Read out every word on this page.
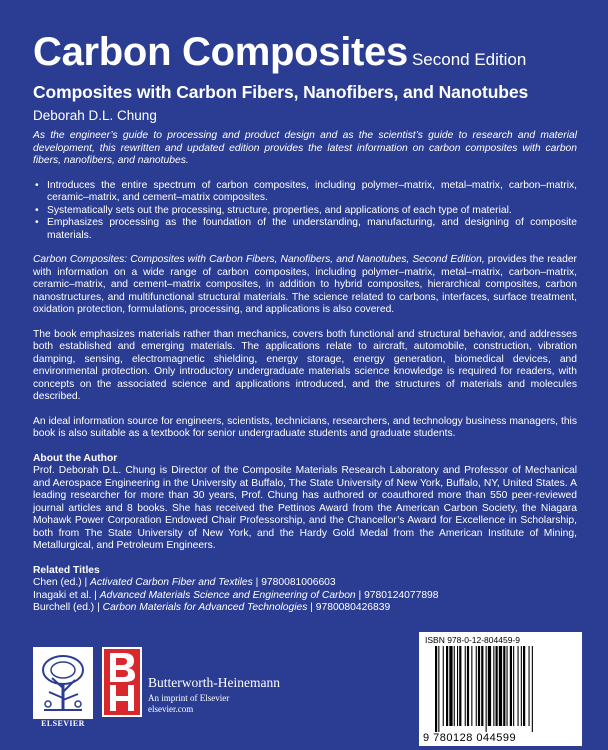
Carbon Composites Second Edition
Composites with Carbon Fibers, Nanofibers, and Nanotubes
Deborah D.L. Chung

As the engineer’s guide to processing and product design and as the scientist’s guide to research and material development, this rewritten and updated edition provides the latest information on carbon composites with carbon fibers, nanofibers, and nanotubes.

• Introduces the entire spectrum of carbon composites, including polymer–matrix, metal–matrix, carbon–matrix, ceramic–matrix, and cement–matrix composites.
• Systematically sets out the processing, structure, properties, and applications of each type of material.
• Emphasizes processing as the foundation of the understanding, manufacturing, and designing of composite materials.

Carbon Composites: Composites with Carbon Fibers, Nanofibers, and Nanotubes, Second Edition, provides the reader with information on a wide range of carbon composites, including polymer–matrix, metal–matrix, carbon–matrix, ceramic–matrix, and cement–matrix composites, in addition to hybrid composites, hierarchical composites, carbon nanostructures, and multifunctional structural materials. The science related to carbons, interfaces, surface treatment, oxidation protection, formulations, processing, and applications is also covered.

The book emphasizes materials rather than mechanics, covers both functional and structural behavior, and addresses both established and emerging materials. The applications relate to aircraft, automobile, construction, vibration damping, sensing, electromagnetic shielding, energy storage, energy generation, biomedical devices, and environmental protection. Only introductory undergraduate materials science knowledge is required for readers, with concepts on the associated science and applications introduced, and the structures of materials and molecules described.

An ideal information source for engineers, scientists, technicians, researchers, and technology business managers, this book is also suitable as a textbook for senior undergraduate students and graduate students.

About the Author
Prof. Deborah D.L. Chung is Director of the Composite Materials Research Laboratory and Professor of Mechanical and Aerospace Engineering in the University at Buffalo, The State University of New York, Buffalo, NY, United States. A leading researcher for more than 30 years, Prof. Chung has authored or coauthored more than 550 peer-reviewed journal articles and 8 books. She has received the Pettinos Award from the American Carbon Society, the Niagara Mohawk Power Corporation Endowed Chair Professorship, and the Chancellor’s Award for Excellence in Scholarship, both from The State University of New York, and the Hardy Gold Medal from the American Institute of Mining, Metallurgical, and Petroleum Engineers.
Related Titles
Chen (ed.) | Activated Carbon Fiber and Textiles | 9780081006603
Inagaki et al. | Advanced Materials Science and Engineering of Carbon | 9780124077898
Burchell (ed.) | Carbon Materials for Advanced Technologies | 9780080426839
ELSEVIER
Butterworth-Heinemann
An imprint of Elsevier
elsevier.com
ISBN 978-0-12-804459-9
9 780128 044599
